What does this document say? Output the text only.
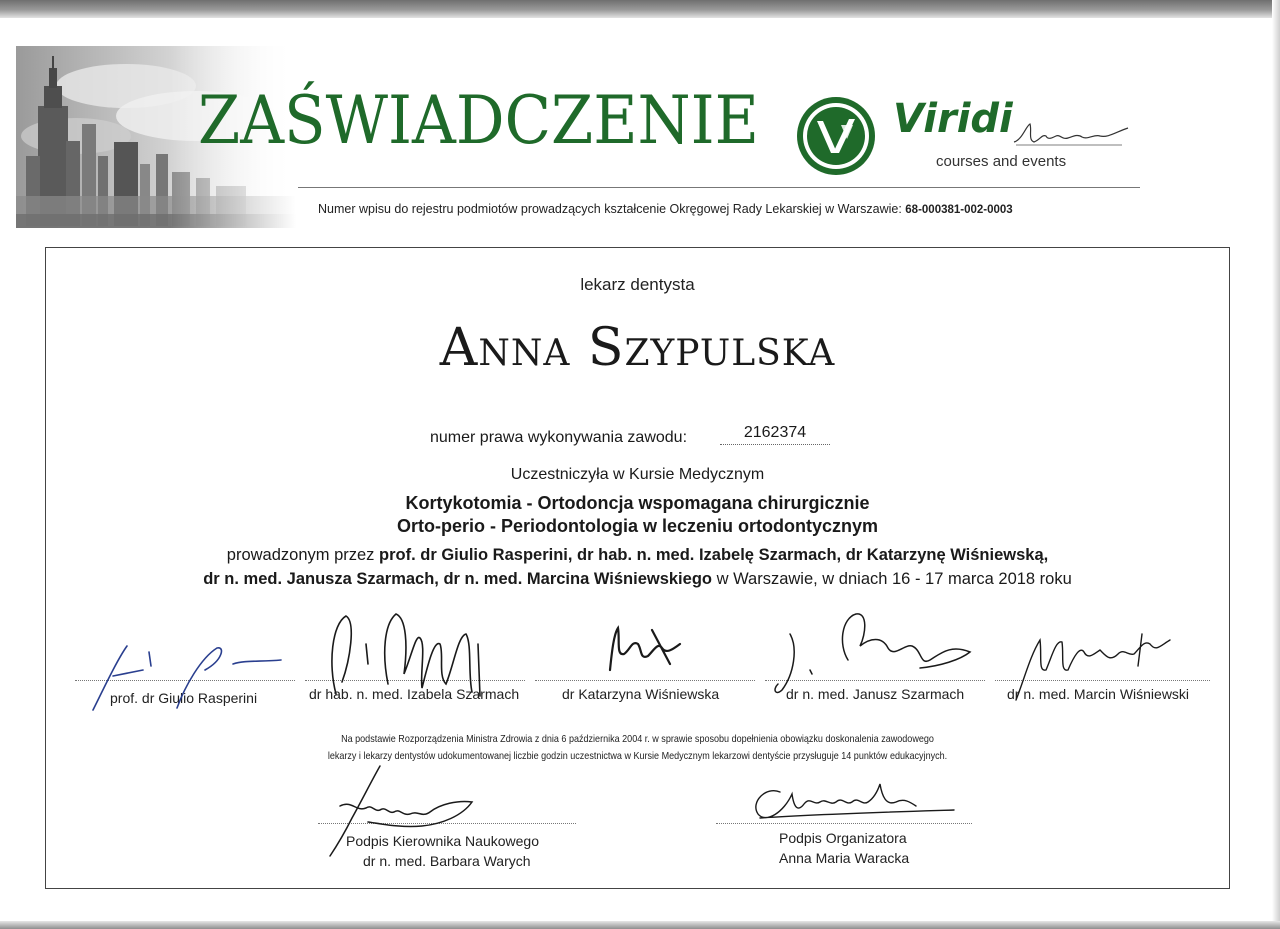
ZAŚWIADCZENIE	Viridi
courses and events
Numer wpisu do rejestru podmiotów prowadzących kształcenie Okręgowej Rady Lekarskiej w Warszawie: 68-000381-002-0003
lekarz dentysta
Anna Szypulska
numer prawa wykonywania zawodu:	2162374
Uczestniczyła w Kursie Medycznym
Kortykotomia - Ortodoncja wspomagana chirurgicznie
Orto-perio - Periodontologia w leczeniu ortodontycznym
prowadzonym przez prof. dr Giulio Rasperini, dr hab. n. med. Izabelę Szarmach, dr Katarzynę Wiśniewską,
dr n. med. Janusza Szarmach, dr n. med. Marcina Wiśniewskiego w Warszawie, w dniach 16 - 17 marca 2018 roku
prof. dr Giulio Rasperini	dr hab. n. med. Izabela Szarmach	dr Katarzyna Wiśniewska	dr n. med. Janusz Szarmach	dr n. med. Marcin Wiśniewski
Na podstawie Rozporządzenia Ministra Zdrowia z dnia 6 października 2004 r. w sprawie sposobu dopełnienia obowiązku doskonalenia zawodowego
lekarzy i lekarzy dentystów udokumentowanej liczbie godzin uczestnictwa w Kursie Medycznym lekarzowi dentyście przysługuje 14 punktów edukacyjnych.
Podpis Kierownika Naukowego
dr n. med. Barbara Warych
Podpis Organizatora
Anna Maria Waracka
